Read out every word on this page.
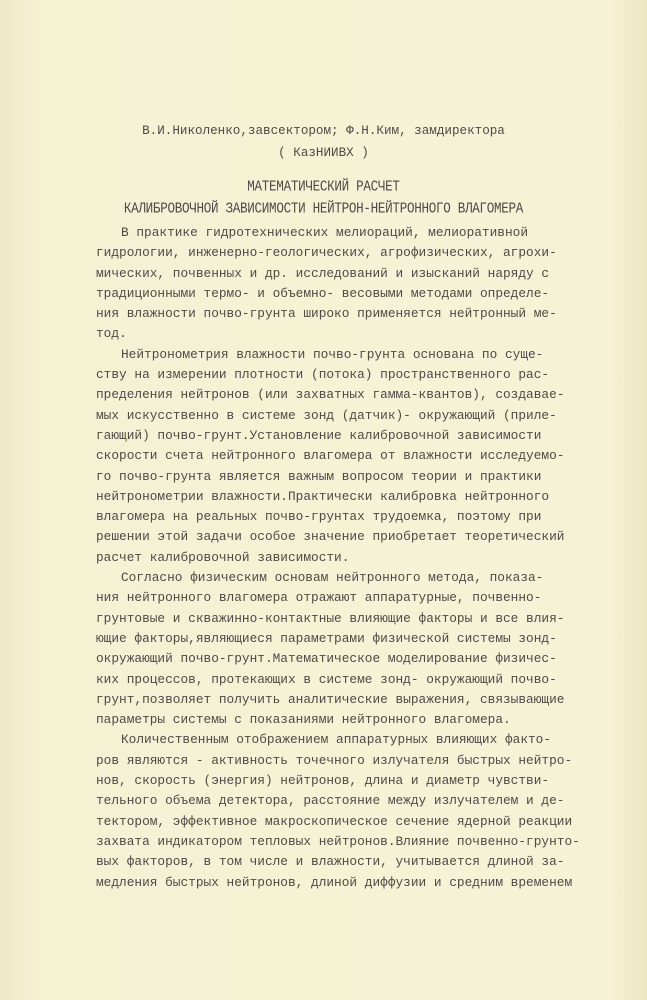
В.И.Николенко,завсектором; Ф.Н.Ким, замдиректора
( КазНИИВХ )
МАТЕМАТИЧЕСКИЙ РАСЧЕТ
КАЛИБРОВОЧНОЙ ЗАВИСИМОСТИ НЕЙТРОН-НЕЙТРОННОГО ВЛАГОМЕРА
В практике гидротехнических мелиораций, мелиоративной
гидрологии, инженерно-геологических, агрофизических, агрохи-
мических, почвенных и др. исследований и изысканий наряду с
традиционными термо- и объемно- весовыми методами определе-
ния влажности почво-грунта широко применяется нейтронный ме-
тод.
Нейтронометрия влажности почво-грунта основана по суще-
ству на измерении плотности (потока) пространственного рас-
пределения нейтронов (или захватных гамма-квантов), создавае-
мых искусственно в системе зонд (датчик)- окружающий (приле-
гающий) почво-грунт.Установление калибровочной зависимости
скорости счета нейтронного влагомера от влажности исследуемо-
го почво-грунта является важным вопросом теории и практики
нейтронометрии влажности.Практически калибровка нейтронного
влагомера на реальных почво-грунтах трудоемка, поэтому при
решении этой задачи особое значение приобретает теоретический
расчет калибровочной зависимости.
Согласно физическим основам нейтронного метода, показа-
ния нейтронного влагомера отражают аппаратурные, почвенно-
грунтовые и скважинно-контактные влияющие факторы и все влия-
ющие факторы,являющиеся параметрами физической системы зонд-
окружающий почво-грунт.Математическое моделирование физичес-
ких процессов, протекающих в системе зонд- окружающий почво-
грунт,позволяет получить аналитические выражения, связывающие
параметры системы с показаниями нейтронного влагомера.
Количественным отображением аппаратурных влияющих факто-
ров являются - активность точечного излучателя быстрых нейтро-
нов, скорость (энергия) нейтронов, длина и диаметр чувстви-
тельного объема детектора, расстояние между излучателем и де-
тектором, эффективное макроскопическое сечение ядерной реакции
захвата индикатором тепловых нейтронов.Влияние почвенно-грунто-
вых факторов, в том числе и влажности, учитывается длиной за-
медления быстрых нейтронов, длиной диффузии и средним временем
